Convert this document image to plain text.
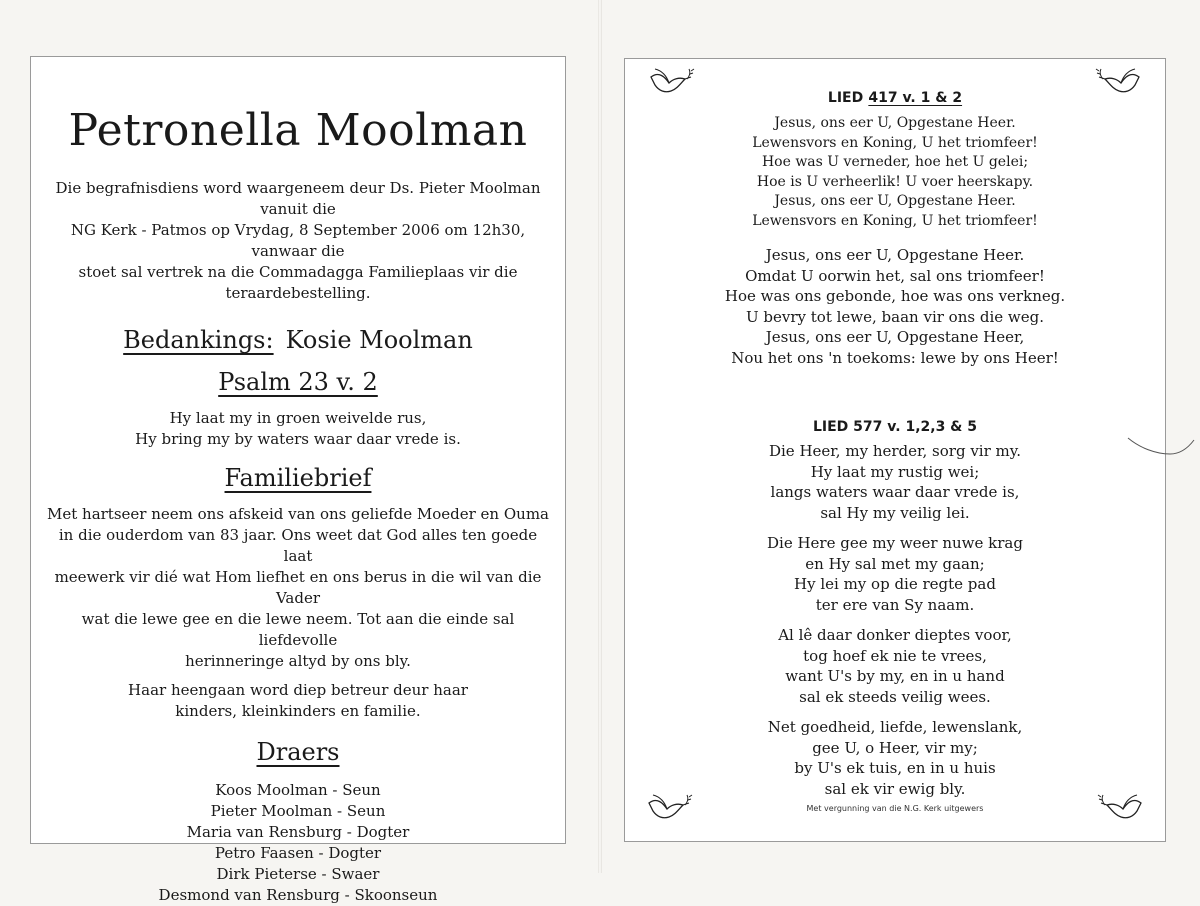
Petronella Moolman
Die begrafnisdiens word waargeneem deur Ds. Pieter Moolman vanuit die
NG Kerk - Patmos op Vrydag, 8 September 2006 om 12h30, vanwaar die
stoet sal vertrek na die Commadagga Familieplaas vir die teraardebestelling.
Bedankings: Kosie Moolman
Psalm 23 v. 2
Hy laat my in groen weivelde rus,
Hy bring my by waters waar daar vrede is.
Familiebrief
Met hartseer neem ons afskeid van ons geliefde Moeder en Ouma
in die ouderdom van 83 jaar. Ons weet dat God alles ten goede laat
meewerk vir dié wat Hom liefhet en ons berus in die wil van die Vader
wat die lewe gee en die lewe neem. Tot aan die einde sal liefdevolle
herinneringe altyd by ons bly.
Haar heengaan word diep betreur deur haar
kinders, kleinkinders en familie.
Draers
Koos Moolman - Seun
Pieter Moolman - Seun
Maria van Rensburg - Dogter
Petro Faasen - Dogter
Dirk Pieterse - Swaer
Desmond van Rensburg - Skoonseun
LIED 417 v. 1 & 2
Jesus, ons eer U, Opgestane Heer.
Lewensvors en Koning, U het triomfeer!
Hoe was U verneder, hoe het U gelei;
Hoe is U verheerlik! U voer heerskapy.
Jesus, ons eer U, Opgestane Heer.
Lewensvors en Koning, U het triomfeer!
Jesus, ons eer U, Opgestane Heer.
Omdat U oorwin het, sal ons triomfeer!
Hoe was ons gebonde, hoe was ons verkneg.
U bevry tot lewe, baan vir ons die weg.
Jesus, ons eer U, Opgestane Heer,
Nou het ons 'n toekoms: lewe by ons Heer!
LIED 577 v. 1,2,3 & 5
Die Heer, my herder, sorg vir my.
Hy laat my rustig wei;
langs waters waar daar vrede is,
sal Hy my veilig lei.
Die Here gee my weer nuwe krag
en Hy sal met my gaan;
Hy lei my op die regte pad
ter ere van Sy naam.
Al lê daar donker dieptes voor,
tog hoef ek nie te vrees,
want U's by my, en in u hand
sal ek steeds veilig wees.
Net goedheid, liefde, lewenslank,
gee U, o Heer, vir my;
by U's ek tuis, en in u huis
sal ek vir ewig bly.
Met vergunning van die N.G. Kerk uitgewers
